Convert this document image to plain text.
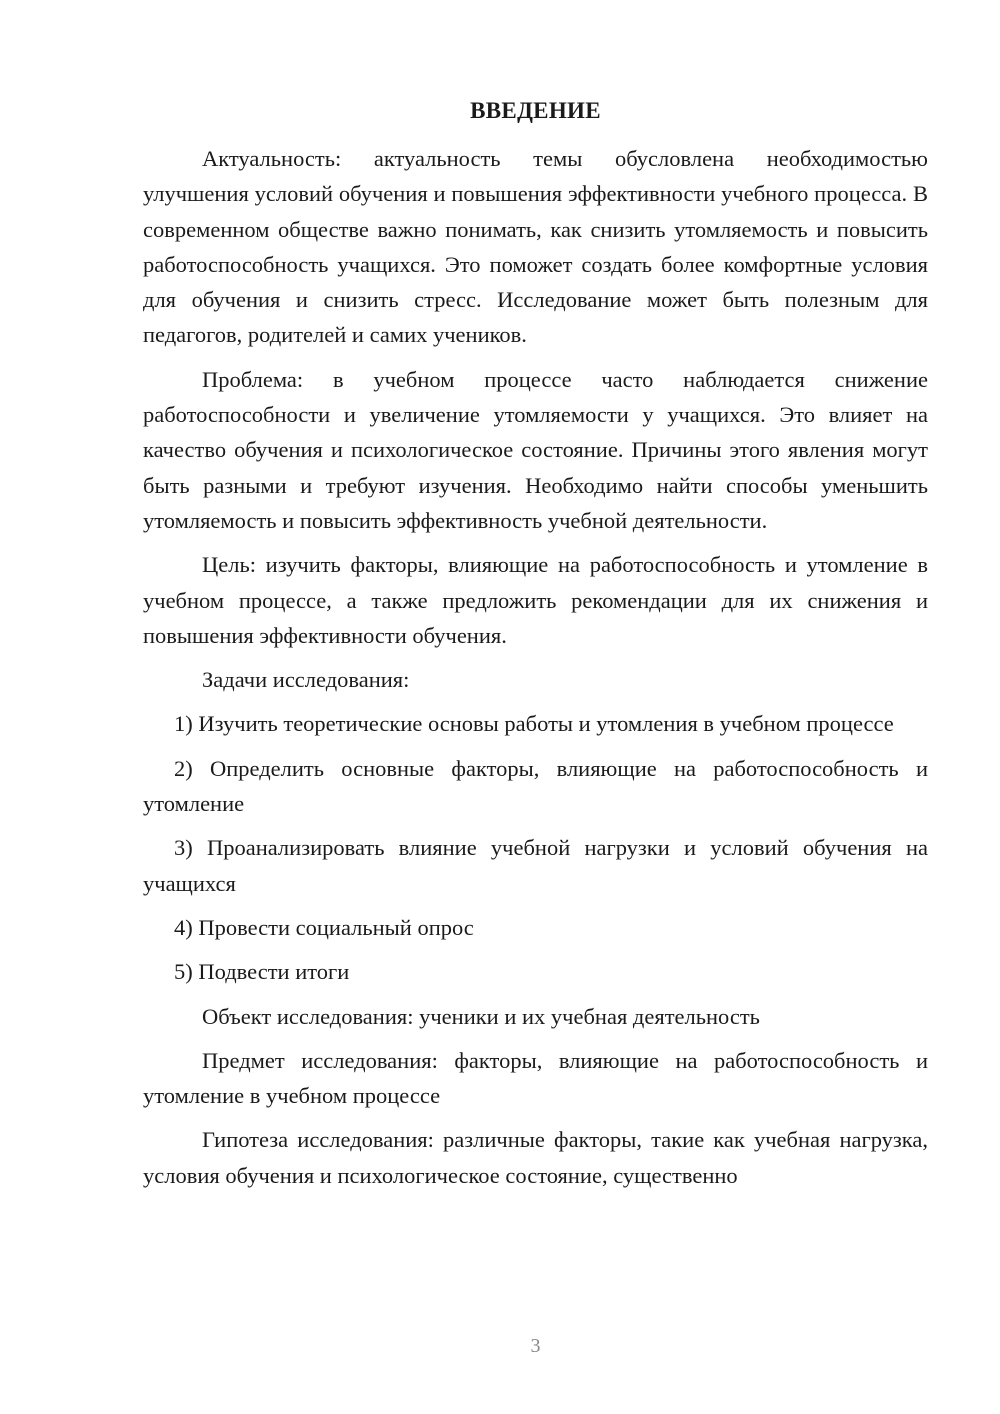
ВВЕДЕНИЕ

Актуальность: актуальность темы обусловлена необходимостью улучшения условий обучения и повышения эффективности учебного процесса. В современном обществе важно понимать, как снизить утомляемость и повысить работоспособность учащихся. Это поможет создать более комфортные условия для обучения и снизить стресс. Исследование может быть полезным для педагогов, родителей и самих учеников.

Проблема: в учебном процессе часто наблюдается снижение работоспособности и увеличение утомляемости у учащихся. Это влияет на качество обучения и психологическое состояние. Причины этого явления могут быть разными и требуют изучения. Необходимо найти способы уменьшить утомляемость и повысить эффективность учебной деятельности.

Цель: изучить факторы, влияющие на работоспособность и утомление в учебном процессе, а также предложить рекомендации для их снижения и повышения эффективности обучения.

Задачи исследования:

1) Изучить теоретические основы работы и утомления в учебном процессе

2) Определить основные факторы, влияющие на работоспособность и утомление

3) Проанализировать влияние учебной нагрузки и условий обучения на учащихся

4) Провести социальный опрос

5) Подвести итоги

Объект исследования: ученики и их учебная деятельность

Предмет исследования: факторы, влияющие на работоспособность и утомление в учебном процессе

Гипотеза исследования: различные факторы, такие как учебная нагрузка, условия обучения и психологическое состояние, существенно

3
